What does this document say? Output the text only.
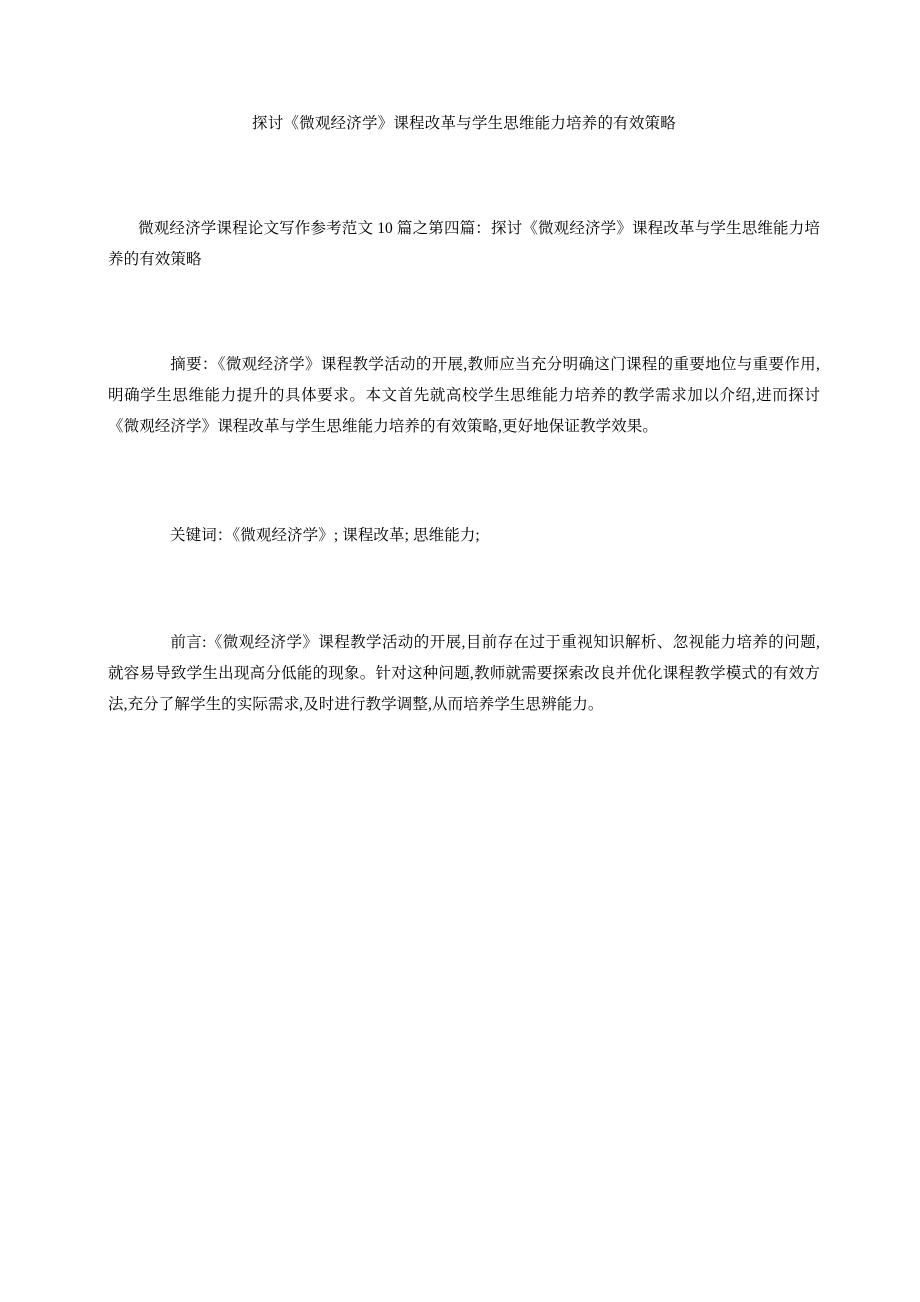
探讨《微观经济学》课程改革与学生思维能力培养的有效策略

微观经济学课程论文写作参考范文 10 篇之第四篇：探讨《微观经济学》课程改革与学生思维能力培养的有效策略

摘要：《微观经济学》课程教学活动的开展,教师应当充分明确这门课程的重要地位与重要作用,明确学生思维能力提升的具体要求。本文首先就高校学生思维能力培养的教学需求加以介绍,进而探讨《微观经济学》课程改革与学生思维能力培养的有效策略,更好地保证教学效果。

关键词：《微观经济学》; 课程改革; 思维能力;

前言:《微观经济学》课程教学活动的开展,目前存在过于重视知识解析、忽视能力培养的问题,就容易导致学生出现高分低能的现象。针对这种问题,教师就需要探索改良并优化课程教学模式的有效方法,充分了解学生的实际需求,及时进行教学调整,从而培养学生思辨能力。
